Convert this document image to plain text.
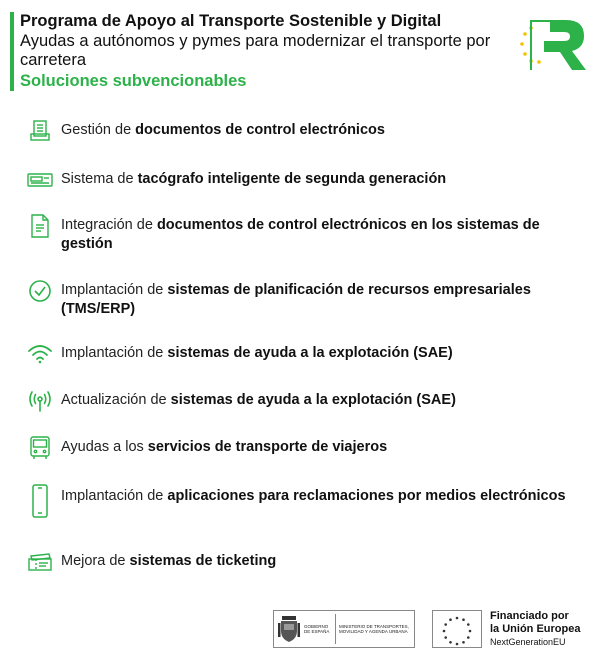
Programa de Apoyo al Transporte Sostenible y Digital
Ayudas a autónomos y pymes para modernizar el transporte por carretera
Soluciones subvencionables
Gestión de documentos de control electrónicos
Sistema de tacógrafo inteligente de segunda generación
Integración de documentos de control electrónicos en los sistemas de gestión
Implantación de sistemas de planificación de recursos empresariales (TMS/ERP)
Implantación de sistemas de ayuda a la explotación (SAE)
Actualización de sistemas de ayuda a la explotación (SAE)
Ayudas a los servicios de transporte de viajeros
Implantación de aplicaciones para reclamaciones por medios electrónicos
Mejora de sistemas de ticketing
GOBIERNO DE ESPAÑA
MINISTERIO DE TRANSPORTES, MOVILIDAD Y AGENDA URBANA
Financiado por
la Unión Europea
NextGenerationEU
